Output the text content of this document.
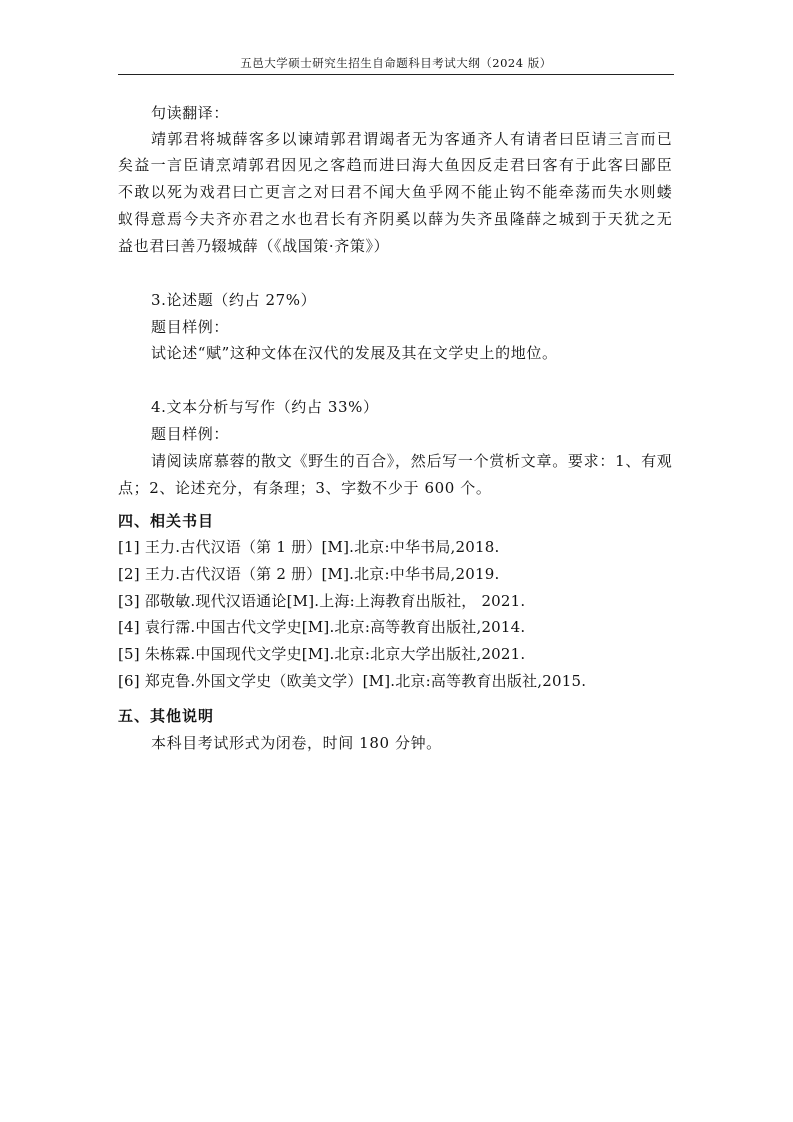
五邑大学硕士研究生招生自命题科目考试大纲（2024 版）
句读翻译：
靖郭君将城薛客多以谏靖郭君谓竭者无为客通齐人有请者曰臣请三言而已
矣益一言臣请烹靖郭君因见之客趋而进曰海大鱼因反走君曰客有于此客曰鄙臣
不敢以死为戏君曰亡更言之对曰君不闻大鱼乎网不能止钩不能牵荡而失水则蝼
蚁得意焉今夫齐亦君之水也君长有齐阴奚以薛为失齐虽隆薛之城到于天犹之无
益也君曰善乃辍城薛（《战国策·齐策》）
3.论述题（约占 27%）
题目样例：
试论述“赋”这种文体在汉代的发展及其在文学史上的地位。
4.文本分析与写作（约占 33%）
题目样例：
请阅读席慕蓉的散文《野生的百合》，然后写一个赏析文章。要求：1、有观
点；2、论述充分，有条理；3、字数不少于 600 个。
四、相关书目
[1] 王力.古代汉语（第 1 册）[M].北京:中华书局,2018.
[2] 王力.古代汉语（第 2 册）[M].北京:中华书局,2019.
[3] 邵敬敏.现代汉语通论[M].上海:上海教育出版社， 2021.
[4] 袁行霈.中国古代文学史[M].北京:高等教育出版社,2014.
[5] 朱栋霖.中国现代文学史[M].北京:北京大学出版社,2021.
[6] 郑克鲁.外国文学史（欧美文学）[M].北京:高等教育出版社,2015.
五、其他说明
本科目考试形式为闭卷，时间 180 分钟。
